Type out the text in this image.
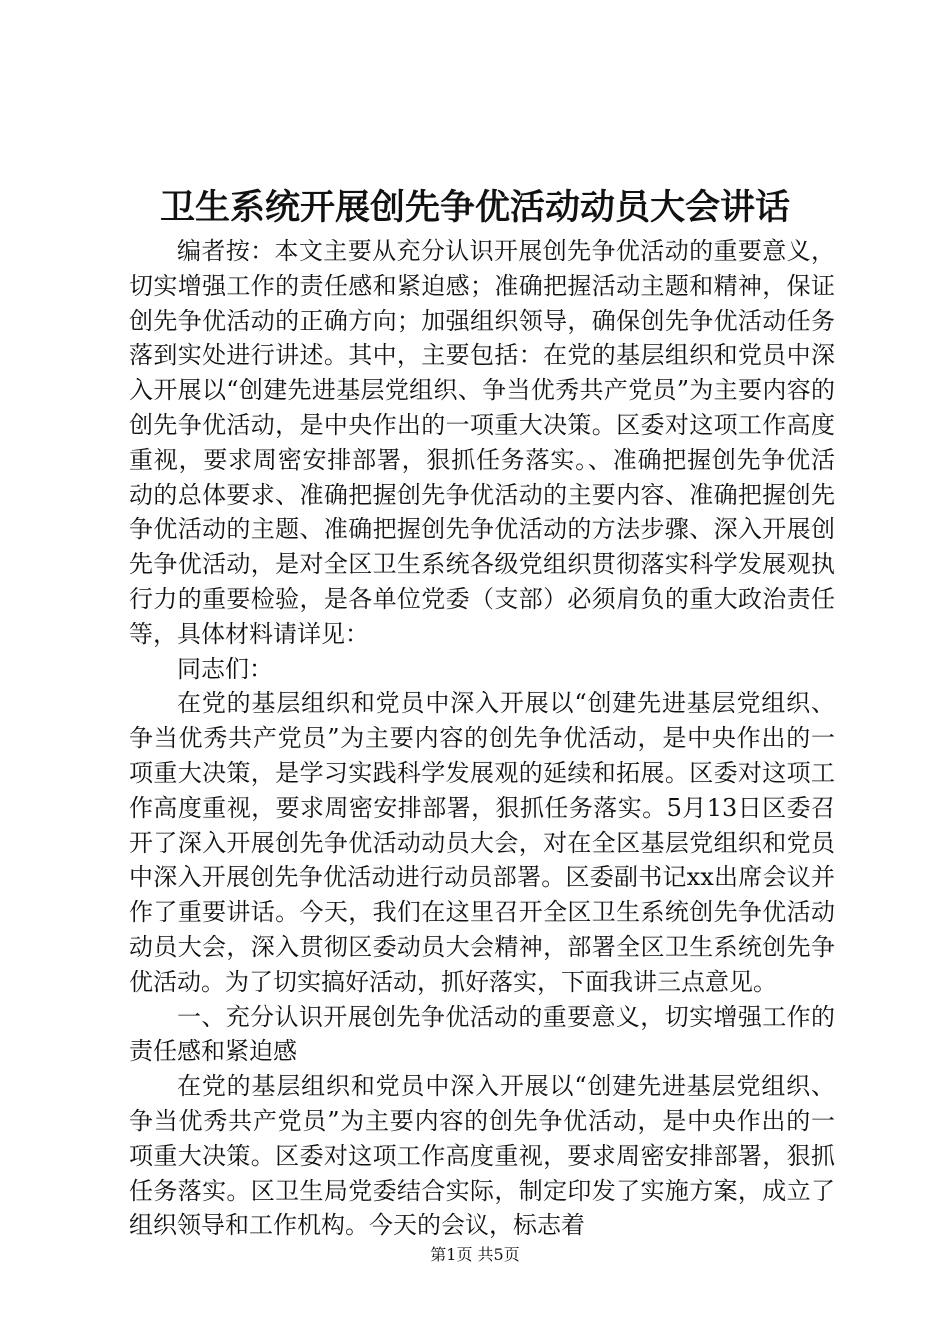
卫生系统开展创先争优活动动员大会讲话

编者按：本文主要从充分认识开展创先争优活动的重要意义，切实增强工作的责任感和紧迫感；准确把握活动主题和精神，保证创先争优活动的正确方向；加强组织领导，确保创先争优活动任务落到实处进行讲述。其中，主要包括：在党的基层组织和党员中深入开展以“创建先进基层党组织、争当优秀共产党员”为主要内容的创先争优活动，是中央作出的一项重大决策。区委对这项工作高度重视，要求周密安排部署，狠抓任务落实。、准确把握创先争优活动的总体要求、准确把握创先争优活动的主要内容、准确把握创先争优活动的主题、准确把握创先争优活动的方法步骤、深入开展创先争优活动，是对全区卫生系统各级党组织贯彻落实科学发展观执行力的重要检验，是各单位党委（支部）必须肩负的重大政治责任等，具体材料请详见：

同志们：

在党的基层组织和党员中深入开展以“创建先进基层党组织、争当优秀共产党员”为主要内容的创先争优活动，是中央作出的一项重大决策，是学习实践科学发展观的延续和拓展。区委对这项工作高度重视，要求周密安排部署，狠抓任务落实。5月13日区委召开了深入开展创先争优活动动员大会，对在全区基层党组织和党员中深入开展创先争优活动进行动员部署。区委副书记xx出席会议并作了重要讲话。今天，我们在这里召开全区卫生系统创先争优活动动员大会，深入贯彻区委动员大会精神，部署全区卫生系统创先争优活动。为了切实搞好活动，抓好落实，下面我讲三点意见。

一、充分认识开展创先争优活动的重要意义，切实增强工作的责任感和紧迫感

在党的基层组织和党员中深入开展以“创建先进基层党组织、争当优秀共产党员”为主要内容的创先争优活动，是中央作出的一项重大决策。区委对这项工作高度重视，要求周密安排部署，狠抓任务落实。区卫生局党委结合实际，制定印发了实施方案，成立了组织领导和工作机构。今天的会议，标志着

第1页 共5页
